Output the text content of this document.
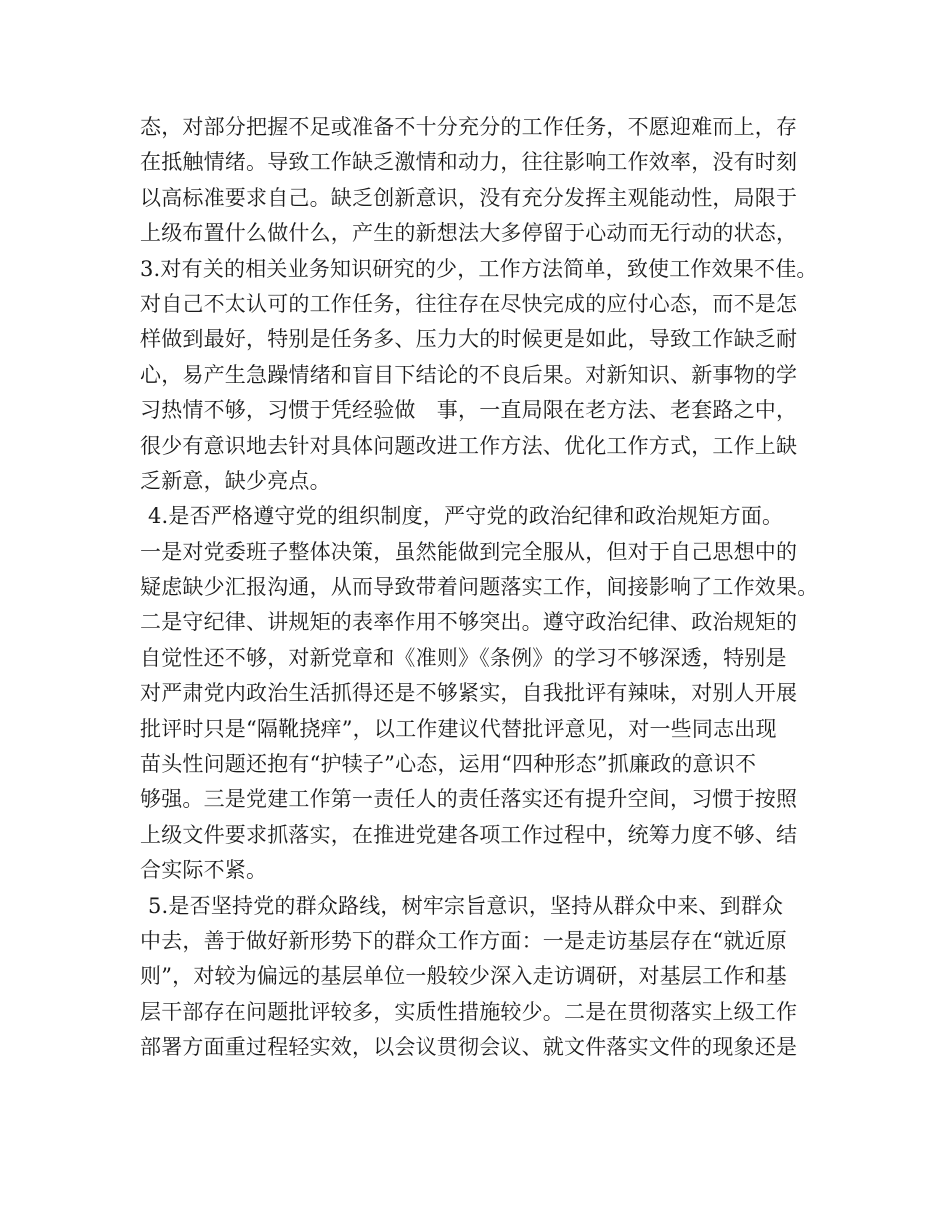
态，对部分把握不足或准备不十分充分的工作任务，不愿迎难而上，存
在抵触情绪。导致工作缺乏激情和动力，往往影响工作效率，没有时刻
以高标准要求自己。缺乏创新意识，没有充分发挥主观能动性，局限于
上级布置什么做什么，产生的新想法大多停留于心动而无行动的状态，
3.对有关的相关业务知识研究的少，工作方法简单，致使工作效果不佳。
对自己不太认可的工作任务，往往存在尽快完成的应付心态，而不是怎
样做到最好，特别是任务多、压力大的时候更是如此，导致工作缺乏耐
心，易产生急躁情绪和盲目下结论的不良后果。对新知识、新事物的学
习热情不够，习惯于凭经验做　事，一直局限在老方法、老套路之中，
很少有意识地去针对具体问题改进工作方法、优化工作方式，工作上缺
乏新意，缺少亮点。
4.是否严格遵守党的组织制度，严守党的政治纪律和政治规矩方面。
一是对党委班子整体决策，虽然能做到完全服从，但对于自己思想中的
疑虑缺少汇报沟通，从而导致带着问题落实工作，间接影响了工作效果。
二是守纪律、讲规矩的表率作用不够突出。遵守政治纪律、政治规矩的
自觉性还不够，对新党章和《准则》《条例》的学习不够深透，特别是
对严肃党内政治生活抓得还是不够紧实，自我批评有辣味，对别人开展
批评时只是“隔靴挠痒”，以工作建议代替批评意见，对一些同志出现
苗头性问题还抱有“护犊子”心态，运用“四种形态”抓廉政的意识不
够强。三是党建工作第一责任人的责任落实还有提升空间，习惯于按照
上级文件要求抓落实，在推进党建各项工作过程中，统筹力度不够、结
合实际不紧。
5.是否坚持党的群众路线，树牢宗旨意识，坚持从群众中来、到群众
中去，善于做好新形势下的群众工作方面：一是走访基层存在“就近原
则”，对较为偏远的基层单位一般较少深入走访调研，对基层工作和基
层干部存在问题批评较多，实质性措施较少。二是在贯彻落实上级工作
部署方面重过程轻实效，以会议贯彻会议、就文件落实文件的现象还是
